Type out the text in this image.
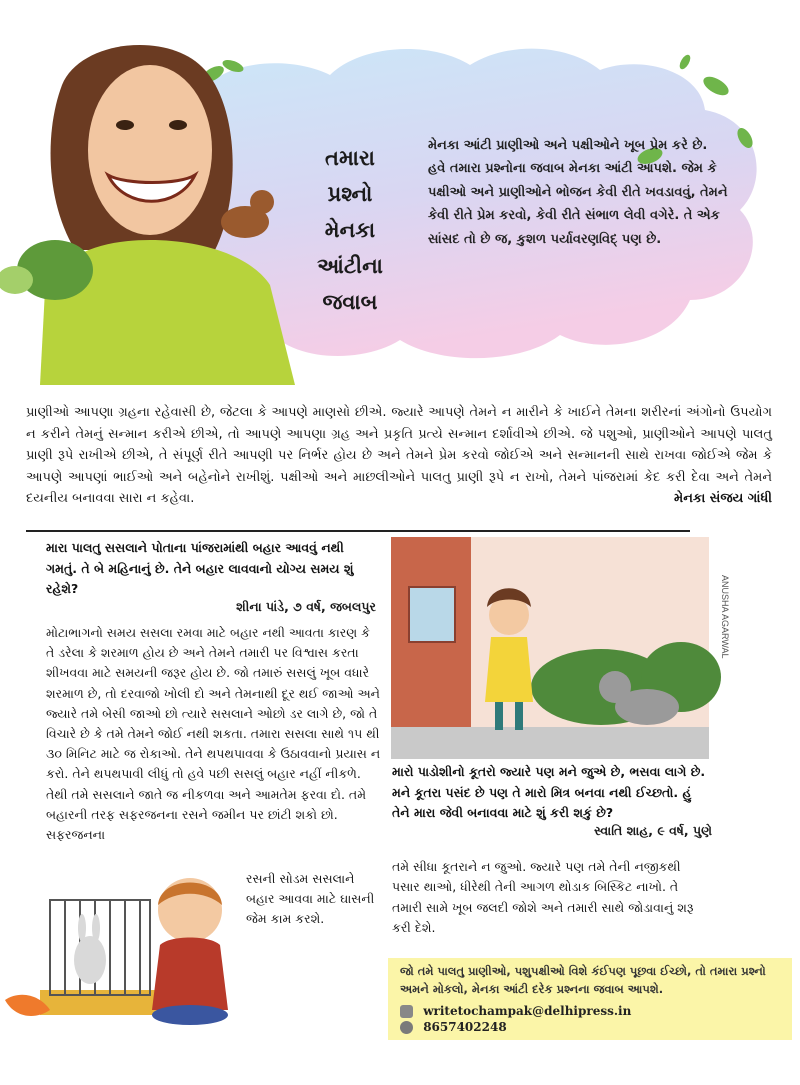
તમારા
પ્રશ્નો
મેનકા
આંટીના
જવાબ
મેનકા આંટી પ્રાણીઓ અને પક્ષીઓને ખૂબ પ્રેમ કરે છે. હવે તમારા પ્રશ્નોના જવાબ મેનકા આંટી આપશે. જેમ કે પક્ષીઓ અને પ્રાણીઓને ભોજન કેવી રીતે ખવડાવવું, તેમને કેવી રીતે પ્રેમ કરવો, કેવી રીતે સંભાળ લેવી વગેરે. તે એક સાંસદ તો છે જ, કુશળ પર્યાવરણવિદ્ પણ છે.
પ્રાણીઓ આપણા ગ્રહના રહેવાસી છે, જેટલા કે આપણે માણસો છીએ. જ્યારે આપણે તેમને ન મારીને કે ખાઈને તેમના શરીરનાં અંગોનો ઉપયોગ ન કરીને તેમનું સન્માન કરીએ છીએ, તો આપણે આપણા ગ્રહ અને પ્રકૃતિ પ્રત્યે સન્માન દર્શાવીએ છીએ. જે પશુઓ, પ્રાણીઓને આપણે પાલતુ પ્રાણી રૂપે રાખીએ છીએ, તે સંપૂર્ણ રીતે આપણી પર નિર્ભર હોય છે અને તેમને પ્રેમ કરવો જોઈએ અને સન્માનની સાથે રાખવા જોઈએ જેમ કે આપણે આપણાં ભાઈઓ અને બહેનોને રાખીશું. પક્ષીઓ અને માછલીઓને પાલતુ પ્રાણી રૂપે ન રાખો, તેમને પાંજરામાં કેદ કરી દેવા અને તેમને દયનીય બનાવવા સારા ન કહેવા.	મેનકા સંજય ગાંધી
મારા પાલતુ સસલાને પોતાના પાંજરામાંથી બહાર આવવું નથી ગમતું. તે બે મહિનાનું છે. તેને બહાર લાવવાનો યોગ્ય સમય શું રહેશે?
શીના પાંડે, ૭ વર્ષ, જબલપુર
મોટાભાગનો સમય સસલા રમવા માટે બહાર નથી આવતા કારણ કે તે ડરેલા કે શરમાળ હોય છે અને તેમને તમારી પર વિશ્વાસ કરતા શીખવવા માટે સમયની જરૂર હોય છે. જો તમારું સસલું ખૂબ વધારે શરમાળ છે, તો દરવાજો ખોલી દો અને તેમનાથી દૂર થઈ જાઓ અને જ્યારે તમે બેસી જાઓ છો ત્યારે સસલાને ઓછો ડર લાગે છે, જો તે વિચારે છે કે તમે તેમને જોઈ નથી શકતા. તમારા સસલા સાથે ૧૫ થી ૩૦ મિનિટ માટે જ રોકાઓ. તેને થપથપાવવા કે ઉઠાવવાનો પ્રયાસ ન કરો. તેને થપથપાવી લીધું તો હવે પછી સસલું બહાર નહીં નીકળે. તેથી તમે સસલાને જાતે જ નીકળવા અને આમતેમ ફરવા દો. તમે બહારની તરફ સફરજનના રસને જમીન પર છાંટી શકો છો. સફરજનના
રસની સોડમ સસલાને બહાર આવવા માટે ઘાસની જેમ કામ કરશે.
ANUSHA AGARWAL
મારો પાડોશીનો કૂતરો જ્યારે પણ મને જુએ છે, ભસવા લાગે છે. મને કૂતરા પસંદ છે પણ તે મારો મિત્ર બનવા નથી ઈચ્છતો. હું તેને મારા જેવી બનાવવા માટે શું કરી શકું છે?
સ્વાતિ શાહ, ૯ વર્ષ, પુણે
તમે સીધા કૂતરાને ન જુઓ. જ્યારે પણ તમે તેની નજીકથી પસાર થાઓ, ધીરેથી તેની આગળ થોડાક બિસ્કિટ નાખો. તે તમારી સામે ખૂબ જલદી જોશે અને તમારી સાથે જોડાવાનું શરૂ કરી દેશે.
જો તમે પાલતુ પ્રાણીઓ, પશુપક્ષીઓ વિશે કંઈપણ પૂછવા ઈચ્છો, તો તમારા પ્રશ્નો અમને મોકલો, મેનકા આંટી દરેક પ્રશ્નના જવાબ આપશે.
writetochampak@delhipress.in
8657402248
